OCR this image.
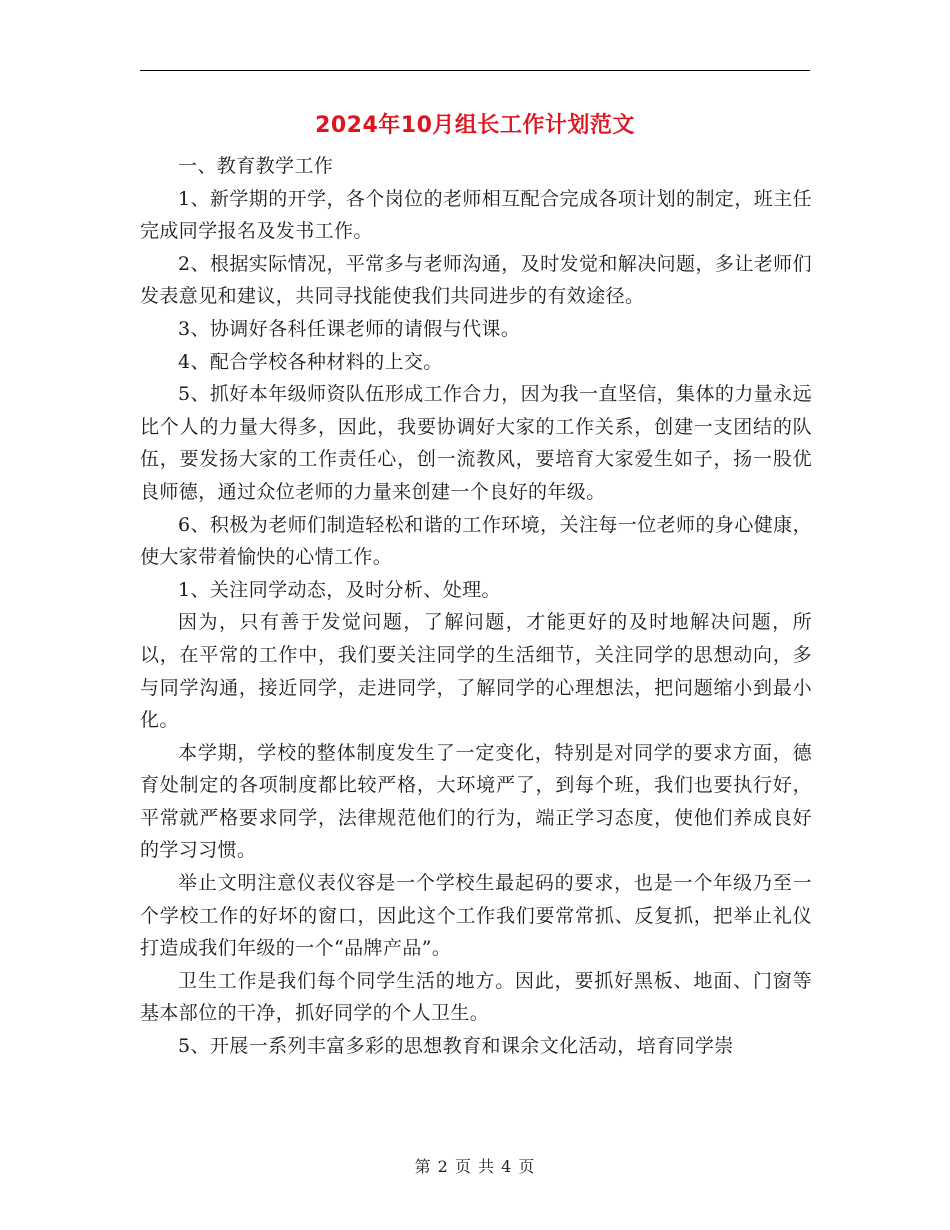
2024年10月组长工作计划范文

一、教育教学工作

1、新学期的开学，各个岗位的老师相互配合完成各项计划的制定，班主任完成同学报名及发书工作。

2、根据实际情况，平常多与老师沟通，及时发觉和解决问题，多让老师们发表意见和建议，共同寻找能使我们共同进步的有效途径。

3、协调好各科任课老师的请假与代课。

4、配合学校各种材料的上交。

5、抓好本年级师资队伍形成工作合力，因为我一直坚信，集体的力量永远比个人的力量大得多，因此，我要协调好大家的工作关系，创建一支团结的队伍，要发扬大家的工作责任心，创一流教风，要培育大家爱生如子，扬一股优良师德，通过众位老师的力量来创建一个良好的年级。

6、积极为老师们制造轻松和谐的工作环境，关注每一位老师的身心健康，使大家带着愉快的心情工作。

1、关注同学动态，及时分析、处理。

因为，只有善于发觉问题，了解问题，才能更好的及时地解决问题，所以，在平常的工作中，我们要关注同学的生活细节，关注同学的思想动向，多与同学沟通，接近同学，走进同学，了解同学的心理想法，把问题缩小到最小化。

本学期，学校的整体制度发生了一定变化，特别是对同学的要求方面，德育处制定的各项制度都比较严格，大环境严了，到每个班，我们也要执行好，平常就严格要求同学，法律规范他们的行为，端正学习态度，使他们养成良好的学习习惯。

举止文明注意仪表仪容是一个学校生最起码的要求，也是一个年级乃至一个学校工作的好坏的窗口，因此这个工作我们要常常抓、反复抓，把举止礼仪打造成我们年级的一个“品牌产品”。

卫生工作是我们每个同学生活的地方。因此，要抓好黑板、地面、门窗等基本部位的干净，抓好同学的个人卫生。

5、开展一系列丰富多彩的思想教育和课余文化活动，培育同学崇

第 2 页 共 4 页
